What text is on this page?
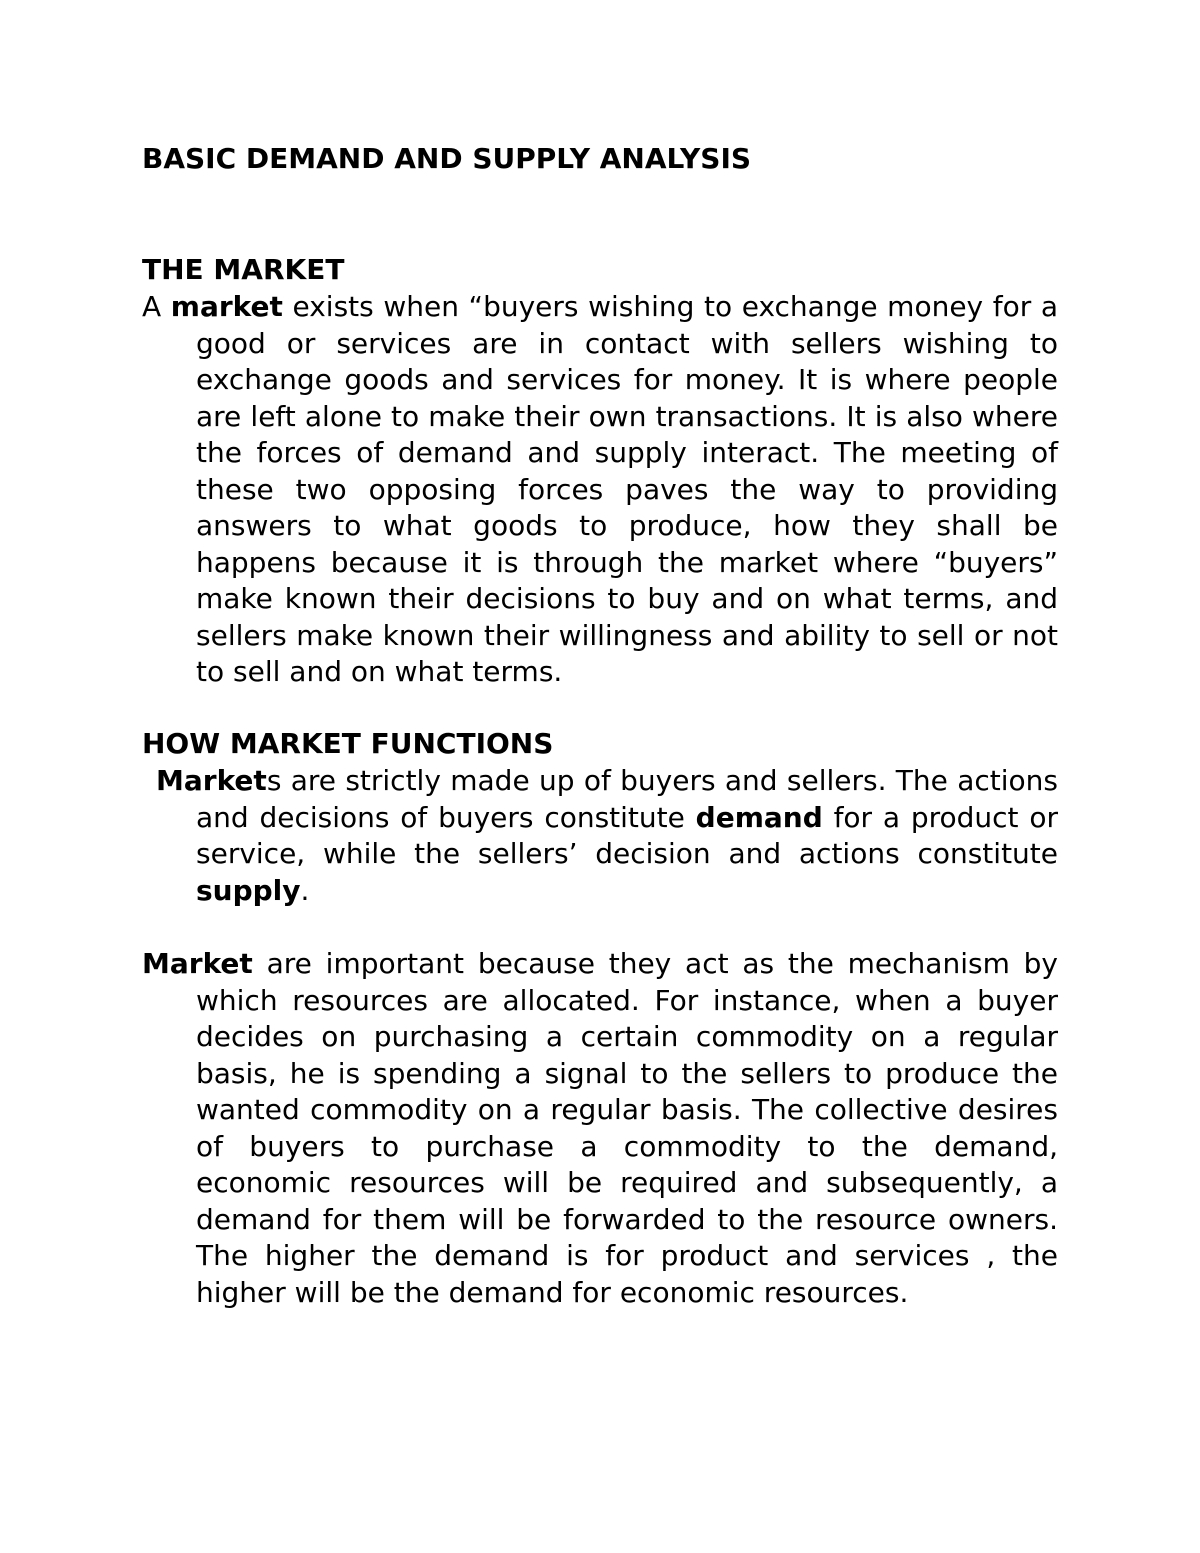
BASIC DEMAND AND SUPPLY ANALYSIS
THE MARKET

A market exists when “buyers wishing to exchange money for a good or services are in contact with sellers wishing to exchange goods and services for money. It is where people are left alone to make their own transactions. It is also where the forces of demand and supply interact. The meeting of these two opposing forces paves the way to providing answers to what goods to produce, how they shall be happens because it is through the market where “buyers” make known their decisions to buy and on what terms, and sellers make known their willingness and ability to sell or not to sell and on what terms.

HOW MARKET FUNCTIONS

Markets are strictly made up of buyers and sellers. The actions and decisions of buyers constitute demand for a product or service, while the sellers’ decision and actions constitute supply.

Market are important because they act as the mechanism by which resources are allocated. For instance, when a buyer decides on purchasing a certain commodity on a regular basis, he is spending a signal to the sellers to produce the wanted commodity on a regular basis. The collective desires of buyers to purchase a commodity to the demand, economic resources will be required and subsequently, a demand for them will be forwarded to the resource owners. The higher the demand is for product and services , the higher will be the demand for economic resources.
